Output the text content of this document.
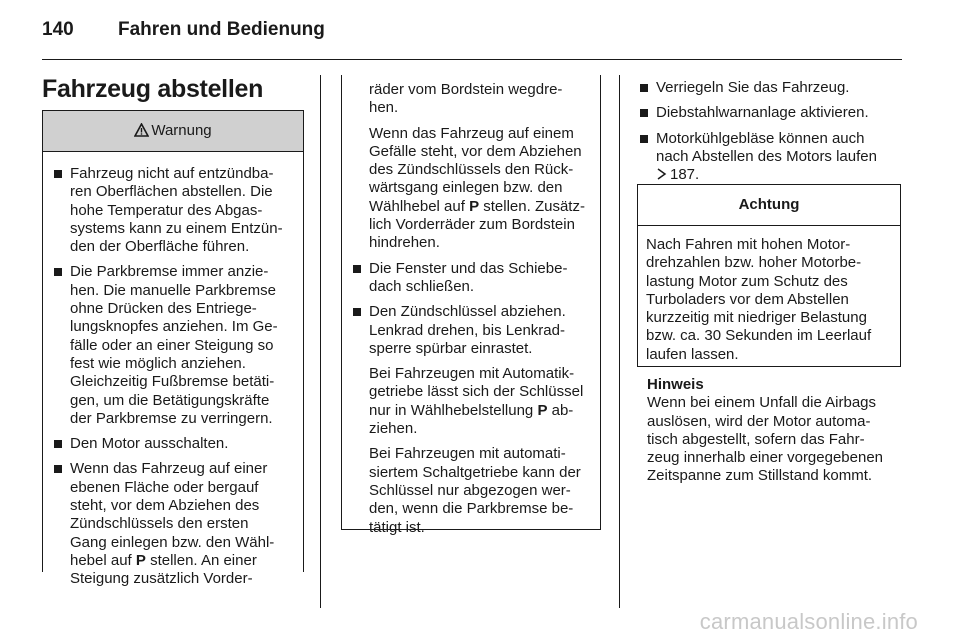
140 Fahren und Bedienung
Fahrzeug abstellen
Warnung
Fahrzeug nicht auf entzündba-
ren Oberflächen abstellen. Die
hohe Temperatur des Abgas-
systems kann zu einem Entzün-
den der Oberfläche führen.
Die Parkbremse immer anzie-
hen. Die manuelle Parkbremse
ohne Drücken des Entriege-
lungsknopfes anziehen. Im Ge-
fälle oder an einer Steigung so
fest wie möglich anziehen.
Gleichzeitig Fußbremse betäti-
gen, um die Betätigungskräfte
der Parkbremse zu verringern.
Den Motor ausschalten.
Wenn das Fahrzeug auf einer
ebenen Fläche oder bergauf
steht, vor dem Abziehen des
Zündschlüssels den ersten
Gang einlegen bzw. den Wähl-
hebel auf P stellen. An einer
Steigung zusätzlich Vorder-
räder vom Bordstein wegdre-
hen.
Wenn das Fahrzeug auf einem
Gefälle steht, vor dem Abziehen
des Zündschlüssels den Rück-
wärtsgang einlegen bzw. den
Wählhebel auf P stellen. Zusätz-
lich Vorderräder zum Bordstein
hindrehen.
Die Fenster und das Schiebe-
dach schließen.
Den Zündschlüssel abziehen.
Lenkrad drehen, bis Lenkrad-
sperre spürbar einrastet.
Bei Fahrzeugen mit Automatik-
getriebe lässt sich der Schlüssel
nur in Wählhebelstellung P ab-
ziehen.
Bei Fahrzeugen mit automati-
siertem Schaltgetriebe kann der
Schlüssel nur abgezogen wer-
den, wenn die Parkbremse be-
tätigt ist.
Verriegeln Sie das Fahrzeug.
Diebstahlwarnanlage aktivieren.
Motorkühlgebläse können auch
nach Abstellen des Motors laufen
187.
Achtung
Nach Fahren mit hohen Motor-
drehzahlen bzw. hoher Motorbe-
lastung Motor zum Schutz des
Turboladers vor dem Abstellen
kurzzeitig mit niedriger Belastung
bzw. ca. 30 Sekunden im Leerlauf
laufen lassen.
Hinweis
Wenn bei einem Unfall die Airbags
auslösen, wird der Motor automa-
tisch abgestellt, sofern das Fahr-
zeug innerhalb einer vorgegebenen
Zeitspanne zum Stillstand kommt.
carmanualsonline.info
